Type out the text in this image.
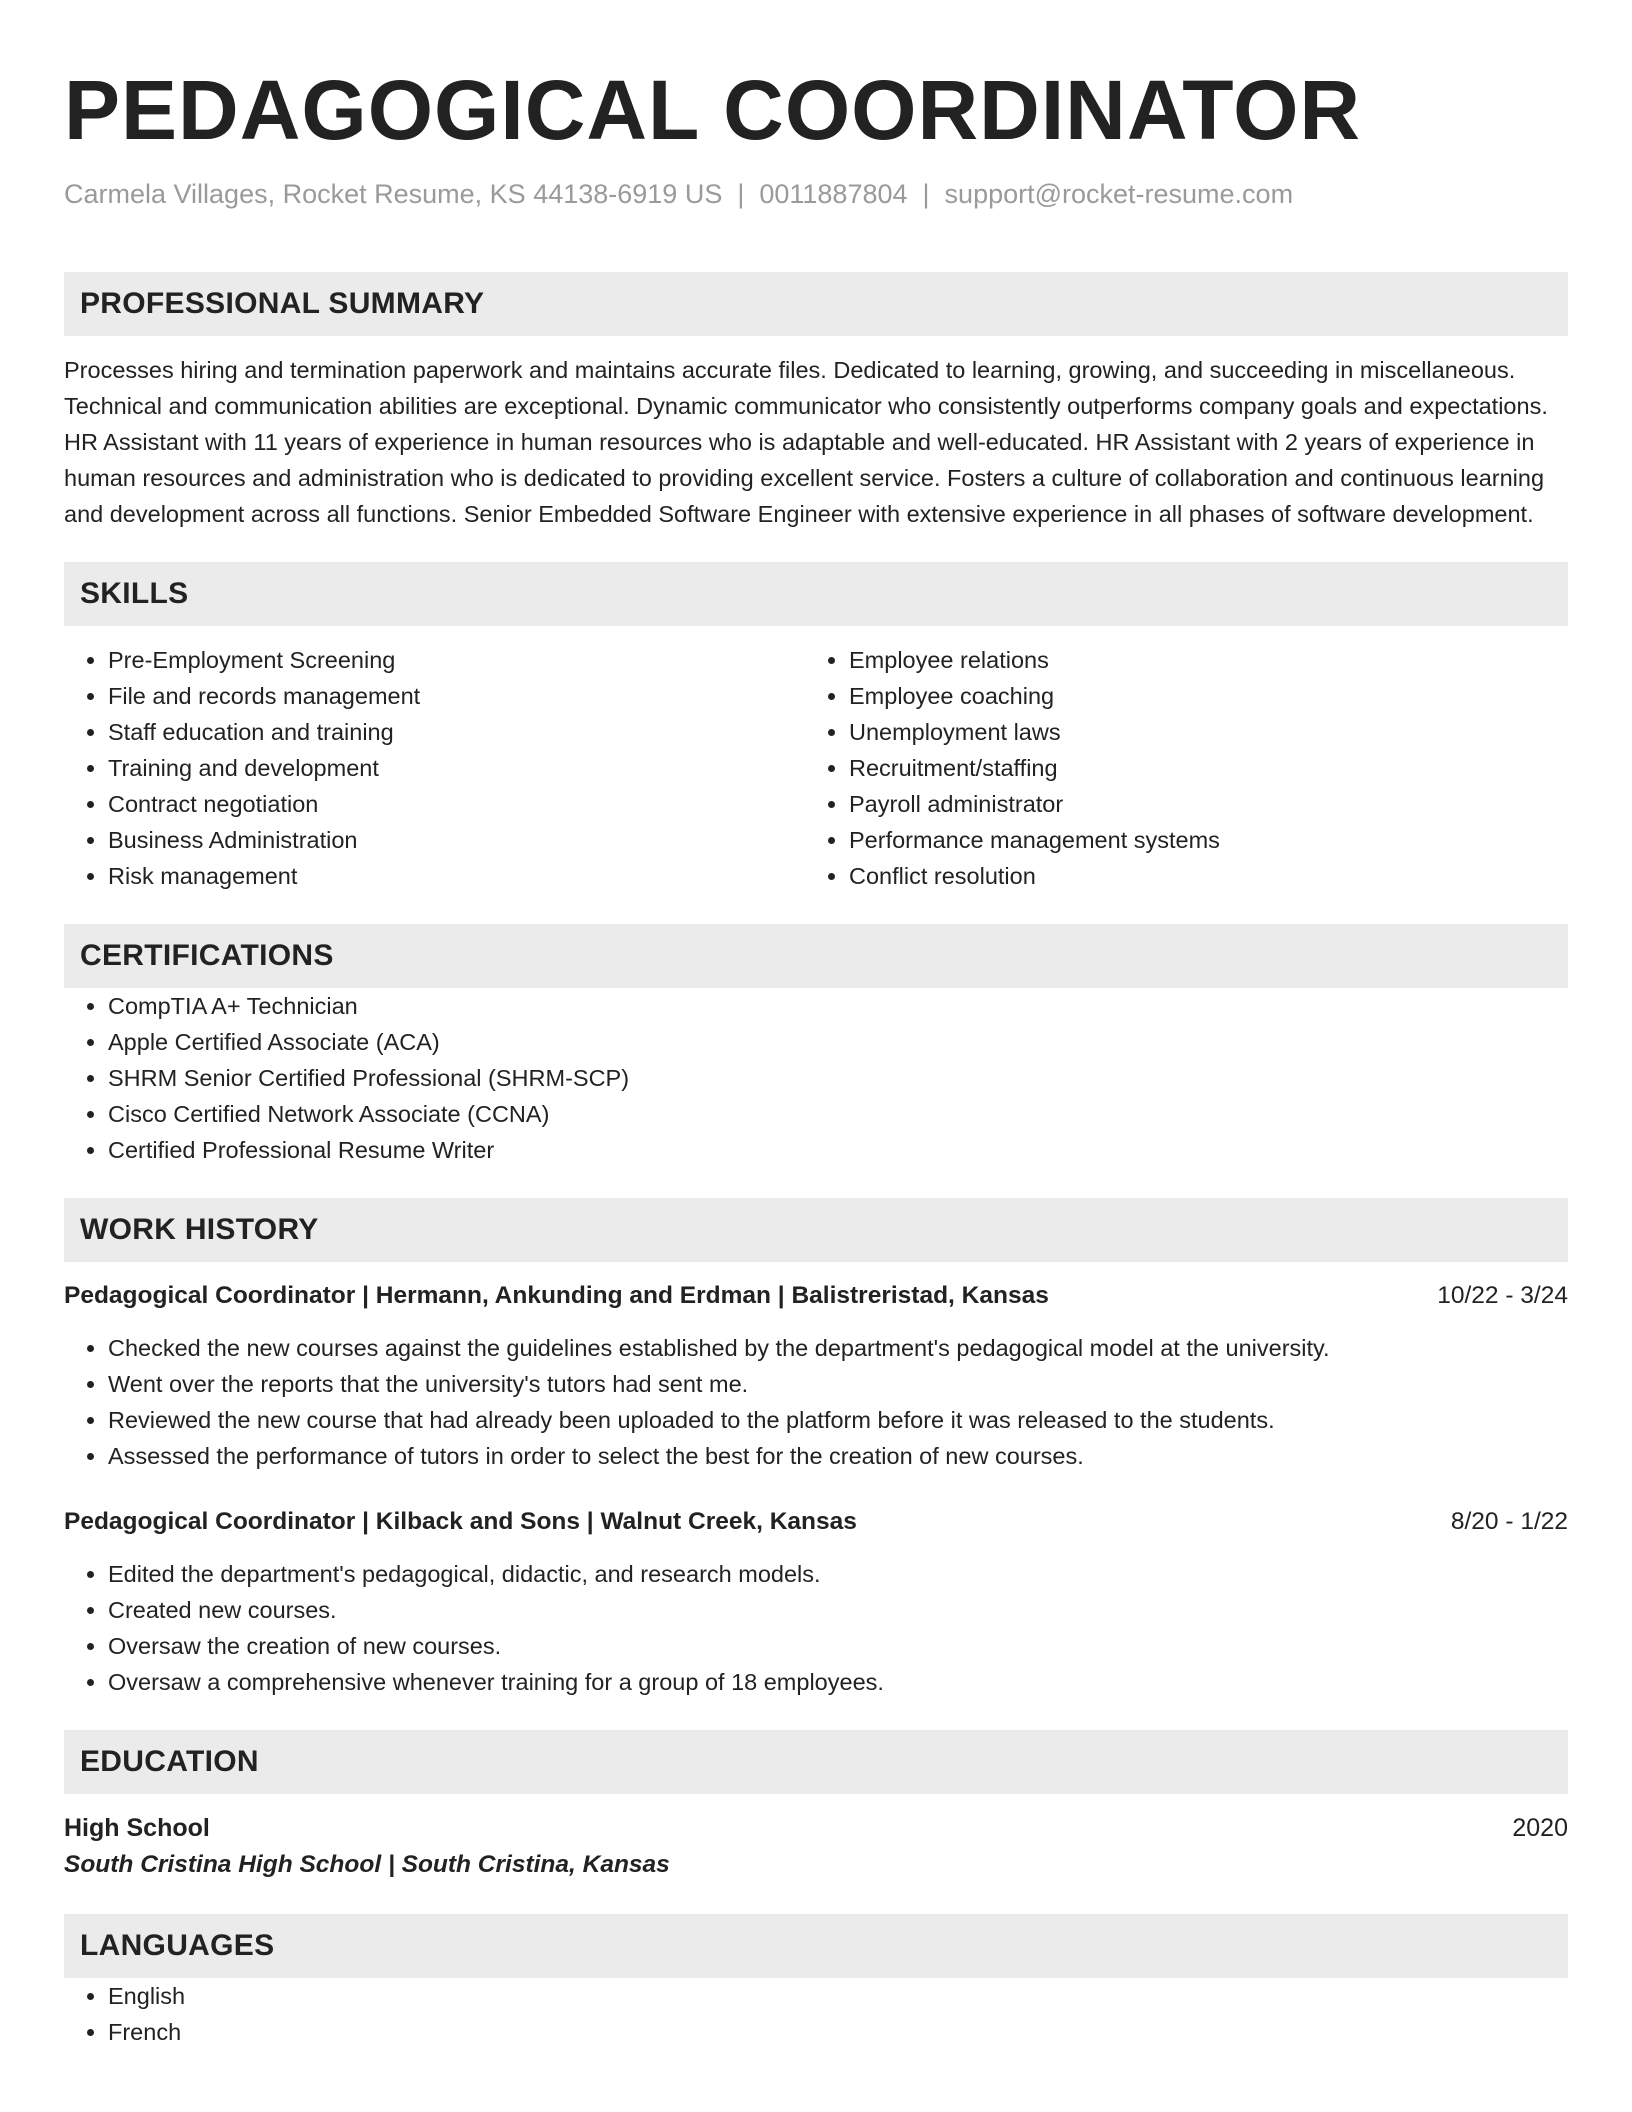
PEDAGOGICAL COORDINATOR
Carmela Villages, Rocket Resume, KS 44138-6919 US | 0011887804 | support@rocket-resume.com
PROFESSIONAL SUMMARY
Processes hiring and termination paperwork and maintains accurate files. Dedicated to learning, growing, and succeeding in miscellaneous. Technical and communication abilities are exceptional. Dynamic communicator who consistently outperforms company goals and expectations. HR Assistant with 11 years of experience in human resources who is adaptable and well-educated. HR Assistant with 2 years of experience in human resources and administration who is dedicated to providing excellent service. Fosters a culture of collaboration and continuous learning and development across all functions. Senior Embedded Software Engineer with extensive experience in all phases of software development.
SKILLS
• Pre-Employment Screening
• File and records management
• Staff education and training
• Training and development
• Contract negotiation
• Business Administration
• Risk management
• Employee relations
• Employee coaching
• Unemployment laws
• Recruitment/staffing
• Payroll administrator
• Performance management systems
• Conflict resolution
CERTIFICATIONS
• CompTIA A+ Technician
• Apple Certified Associate (ACA)
• SHRM Senior Certified Professional (SHRM-SCP)
• Cisco Certified Network Associate (CCNA)
• Certified Professional Resume Writer
WORK HISTORY
Pedagogical Coordinator | Hermann, Ankunding and Erdman | Balistreristad, Kansas	10/22 - 3/24
• Checked the new courses against the guidelines established by the department's pedagogical model at the university.
• Went over the reports that the university's tutors had sent me.
• Reviewed the new course that had already been uploaded to the platform before it was released to the students.
• Assessed the performance of tutors in order to select the best for the creation of new courses.
Pedagogical Coordinator | Kilback and Sons | Walnut Creek, Kansas	8/20 - 1/22
• Edited the department's pedagogical, didactic, and research models.
• Created new courses.
• Oversaw the creation of new courses.
• Oversaw a comprehensive whenever training for a group of 18 employees.
EDUCATION
High School	2020
South Cristina High School | South Cristina, Kansas
LANGUAGES
• English
• French
